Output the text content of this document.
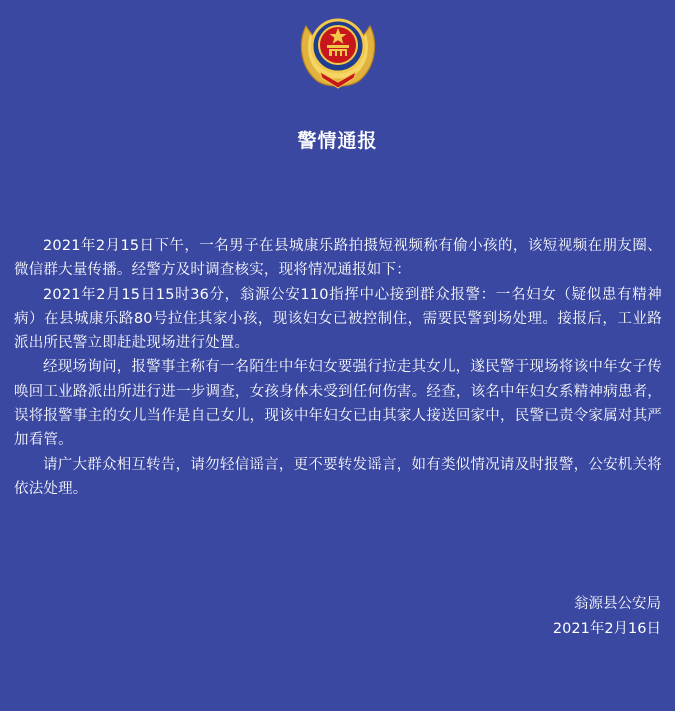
警情通报

2021年2月15日下午，一名男子在县城康乐路拍摄短视频称有偷小孩的，该短视频在朋友圈、微信群大量传播。经警方及时调查核实，现将情况通报如下：

2021年2月15日15时36分，翁源公安110指挥中心接到群众报警：一名妇女（疑似患有精神病）在县城康乐路80号拉住其家小孩，现该妇女已被控制住，需要民警到场处理。接报后，工业路派出所民警立即赶赴现场进行处置。

经现场询问，报警事主称有一名陌生中年妇女要强行拉走其女儿，遂民警于现场将该中年女子传唤回工业路派出所进行进一步调查，女孩身体未受到任何伤害。经查，该名中年妇女系精神病患者，误将报警事主的女儿当作是自己女儿，现该中年妇女已由其家人接送回家中，民警已责令家属对其严加看管。

请广大群众相互转告，请勿轻信谣言，更不要转发谣言，如有类似情况请及时报警，公安机关将依法处理。

翁源县公安局
2021年2月16日
